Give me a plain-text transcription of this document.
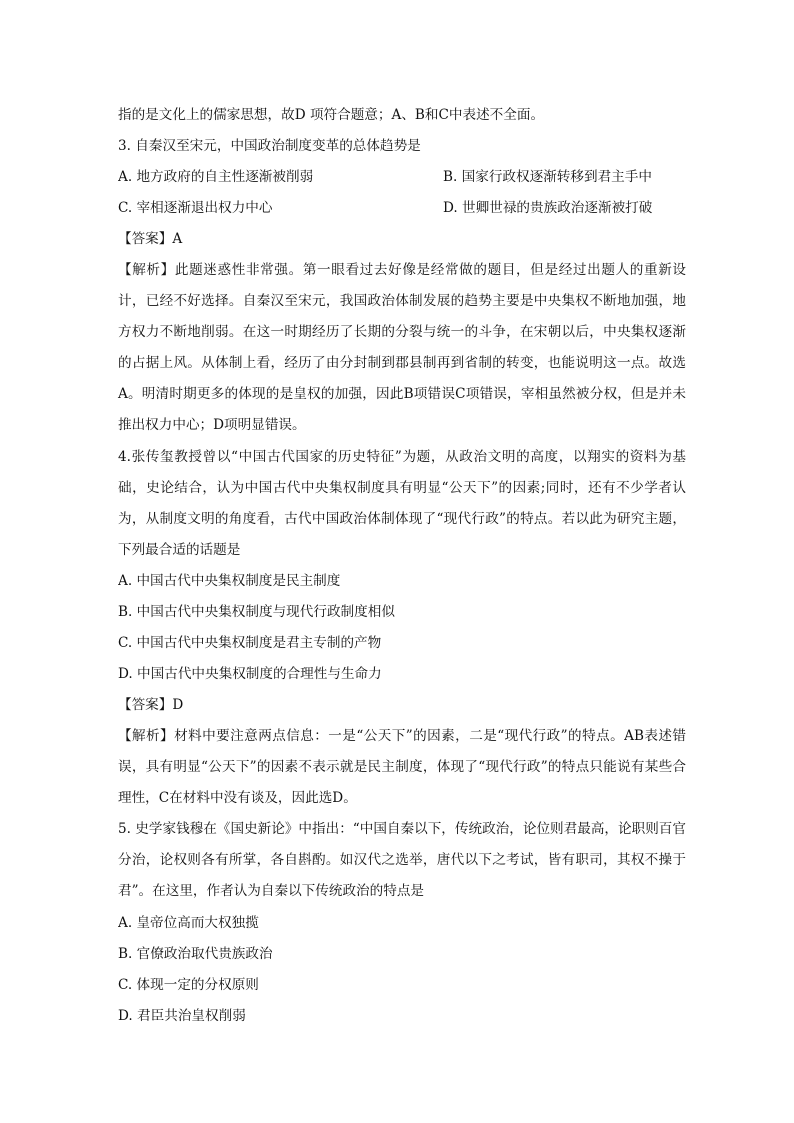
指的是文化上的儒家思想，故D 项符合题意；A、B和C中表述不全面。
3. 自秦汉至宋元，中国政治制度变革的总体趋势是
A. 地方政府的自主性逐渐被削弱	B. 国家行政权逐渐转移到君主手中
C. 宰相逐渐退出权力中心	D. 世卿世禄的贵族政治逐渐被打破
【答案】A
【解析】此题迷惑性非常强。第一眼看过去好像是经常做的题目，但是经过出题人的重新设计，已经不好选择。自秦汉至宋元，我国政治体制发展的趋势主要是中央集权不断地加强，地方权力不断地削弱。在这一时期经历了长期的分裂与统一的斗争，在宋朝以后，中央集权逐渐的占据上风。从体制上看，经历了由分封制到郡县制再到省制的转变，也能说明这一点。故选A。明清时期更多的体现的是皇权的加强，因此B项错误C项错误，宰相虽然被分权，但是并未推出权力中心；D项明显错误。
4.张传玺教授曾以“中国古代国家的历史特征”为题，从政治文明的高度，以翔实的资料为基础，史论结合，认为中国古代中央集权制度具有明显“公天下”的因素;同时，还有不少学者认为，从制度文明的角度看，古代中国政治体制体现了“现代行政”的特点。若以此为研究主题，下列最合适的话题是
A. 中国古代中央集权制度是民主制度
B. 中国古代中央集权制度与现代行政制度相似
C. 中国古代中央集权制度是君主专制的产物
D. 中国古代中央集权制度的合理性与生命力
【答案】D
【解析】材料中要注意两点信息：一是“公天下”的因素，二是“现代行政”的特点。AB表述错误，具有明显“公天下”的因素不表示就是民主制度，体现了“现代行政”的特点只能说有某些合理性，C在材料中没有谈及，因此选D。
5. 史学家钱穆在《国史新论》中指出：“中国自秦以下，传统政治，论位则君最高，论职则百官分治，论权则各有所掌，各自斟酌。如汉代之选举，唐代以下之考试，皆有职司，其权不操于君”。在这里，作者认为自秦以下传统政治的特点是
A. 皇帝位高而大权独揽
B. 官僚政治取代贵族政治
C. 体现一定的分权原则
D. 君臣共治皇权削弱
